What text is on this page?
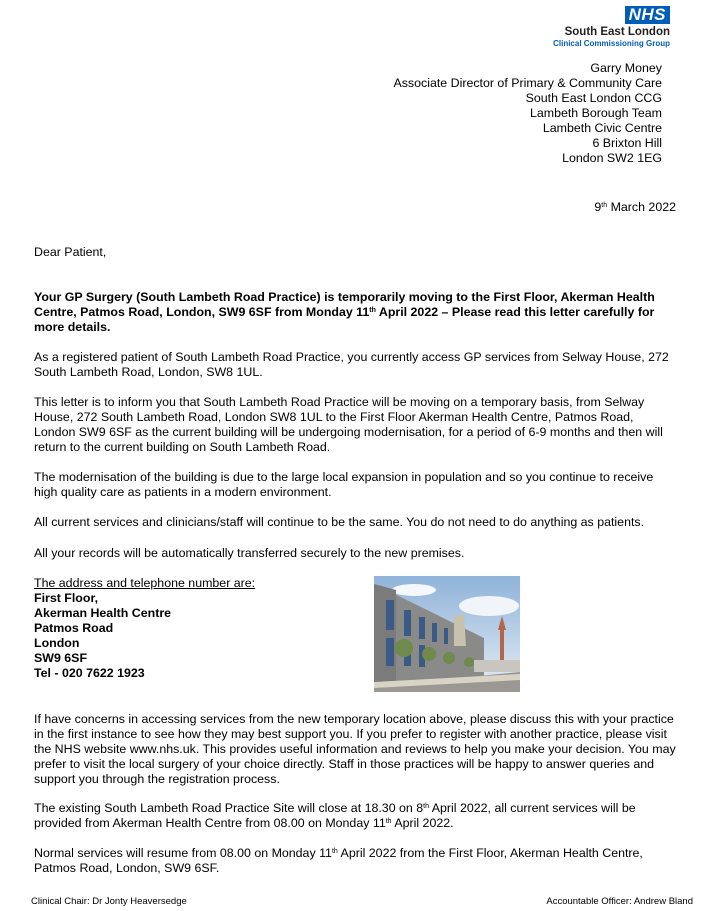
NHS
South East London
Clinical Commissioning Group
Garry Money
Associate Director of Primary & Community Care
South East London CCG
Lambeth Borough Team
Lambeth Civic Centre
6 Brixton Hill
London SW2 1EG
9th March 2022
Dear Patient,
Your GP Surgery (South Lambeth Road Practice) is temporarily moving to the First Floor, Akerman Health Centre, Patmos Road, London, SW9 6SF from Monday 11th April 2022 – Please read this letter carefully for more details.
As a registered patient of South Lambeth Road Practice, you currently access GP services from Selway House, 272 South Lambeth Road, London, SW8 1UL.
This letter is to inform you that South Lambeth Road Practice will be moving on a temporary basis, from Selway House, 272 South Lambeth Road, London SW8 1UL to the First Floor Akerman Health Centre, Patmos Road, London SW9 6SF as the current building will be undergoing modernisation, for a period of 6-9 months and then will return to the current building on South Lambeth Road.
The modernisation of the building is due to the large local expansion in population and so you continue to receive high quality care as patients in a modern environment.
All current services and clinicians/staff will continue to be the same. You do not need to do anything as patients.
All your records will be automatically transferred securely to the new premises.
The address and telephone number are:
First Floor,
Akerman Health Centre
Patmos Road
London
SW9 6SF
Tel - 020 7622 1923
If have concerns in accessing services from the new temporary location above, please discuss this with your practice in the first instance to see how they may best support you. If you prefer to register with another practice, please visit the NHS website www.nhs.uk. This provides useful information and reviews to help you make your decision. You may prefer to visit the local surgery of your choice directly. Staff in those practices will be happy to answer queries and support you through the registration process.
The existing South Lambeth Road Practice Site will close at 18.30 on 8th April 2022, all current services will be provided from Akerman Health Centre from 08.00 on Monday 11th April 2022.
Normal services will resume from 08.00 on Monday 11th April 2022 from the First Floor, Akerman Health Centre, Patmos Road, London, SW9 6SF.
Clinical Chair: Dr Jonty Heaversedge	Accountable Officer: Andrew Bland
